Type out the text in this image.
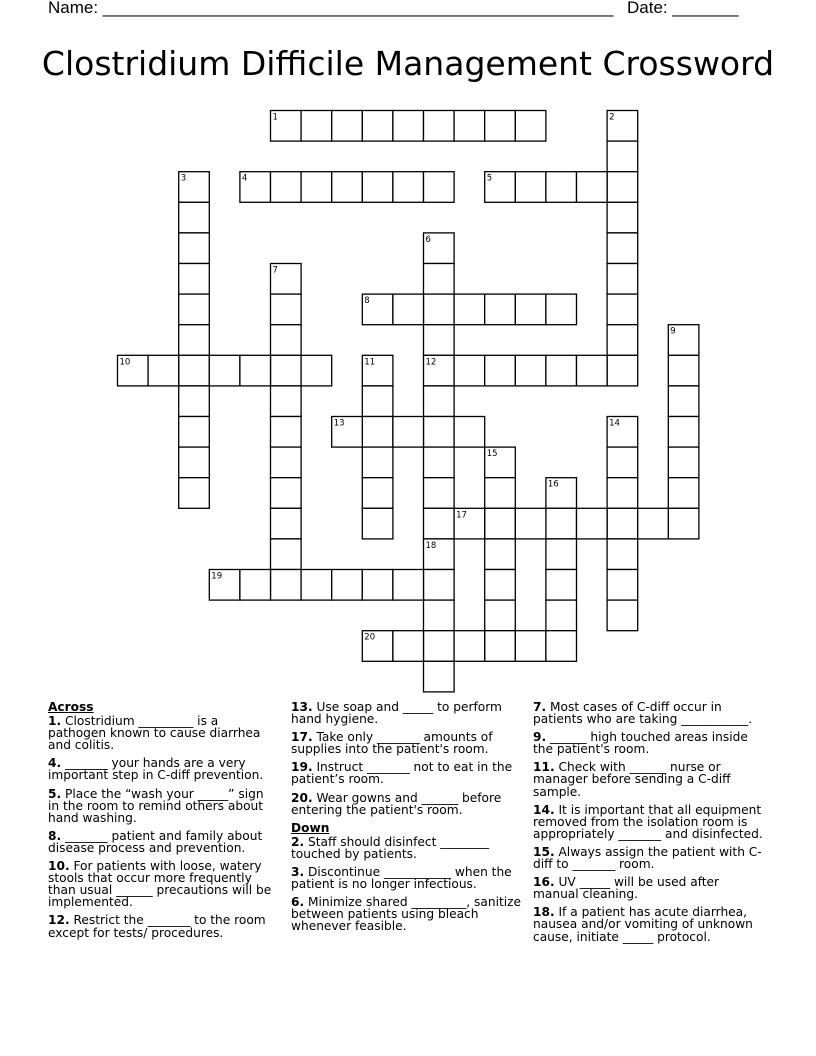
Name: ______________________________________________________ Date: _______
Clostridium Difficile Management Crossword
1	2
3	4	5
6
7
8
9
10	11	12
13	14
15
16
17
18
19
20
Across
1. Clostridium _________ is a pathogen known to cause diarrhea and colitis.
4. _______ your hands are a very important step in C-diff prevention.
5. Place the “wash your _____” sign in the room to remind others about hand washing.
8. _______ patient and family about disease process and prevention.
10. For patients with loose, watery stools that occur more frequently than usual ______ precautions will be implemented.
12. Restrict the _______ to the room except for tests/ procedures.
13. Use soap and _____ to perform hand hygiene.
17. Take only _______ amounts of supplies into the patient's room.
19. Instruct _______ not to eat in the patient’s room.
20. Wear gowns and ______ before entering the patient's room.
Down
2. Staff should disinfect ________ touched by patients.
3. Discontinue ___________ when the patient is no longer infectious.
6. Minimize shared _________, sanitize between patients using bleach whenever feasible.
7. Most cases of C-diff occur in patients who are taking ___________.
9. ______ high touched areas inside the patient's room.
11. Check with ______ nurse or manager before sending a C-diff sample.
14. It is important that all equipment removed from the isolation room is appropriately _______ and disinfected.
15. Always assign the patient with C-diff to _______ room.
16. UV _____ will be used after manual cleaning.
18. If a patient has acute diarrhea, nausea and/or vomiting of unknown cause, initiate _____ protocol.
